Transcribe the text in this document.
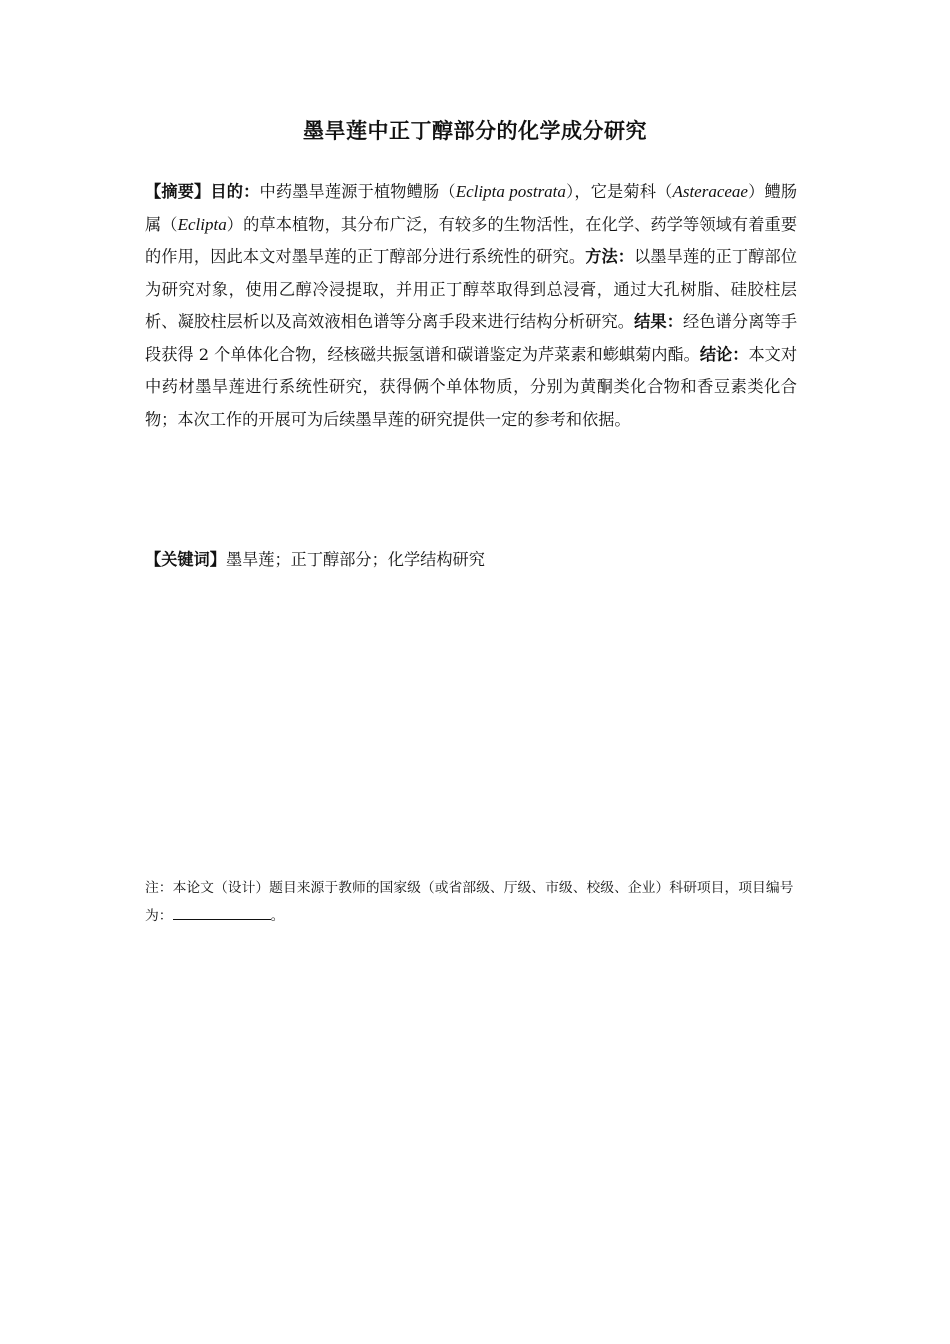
墨旱莲中正丁醇部分的化学成分研究
【摘要】目的：中药墨旱莲源于植物鳢肠（Eclipta postrata），它是菊科（Asteraceae）鳢肠属（Eclipta）的草本植物，其分布广泛，有较多的生物活性，在化学、药学等领域有着重要的作用，因此本文对墨旱莲的正丁醇部分进行系统性的研究。方法：以墨旱莲的正丁醇部位为研究对象，使用乙醇冷浸提取，并用正丁醇萃取得到总浸膏，通过大孔树脂、硅胶柱层析、凝胶柱层析以及高效液相色谱等分离手段来进行结构分析研究。结果：经色谱分离等手段获得 2 个单体化合物，经核磁共振氢谱和碳谱鉴定为芹菜素和蟛蜞菊内酯。结论：本文对中药材墨旱莲进行系统性研究，获得俩个单体物质，分别为黄酮类化合物和香豆素类化合物；本次工作的开展可为后续墨旱莲的研究提供一定的参考和依据。
【关键词】墨旱莲；正丁醇部分；化学结构研究
注：本论文（设计）题目来源于教师的国家级（或省部级、厅级、市级、校级、企业）科研项目，项目编号为：	。
